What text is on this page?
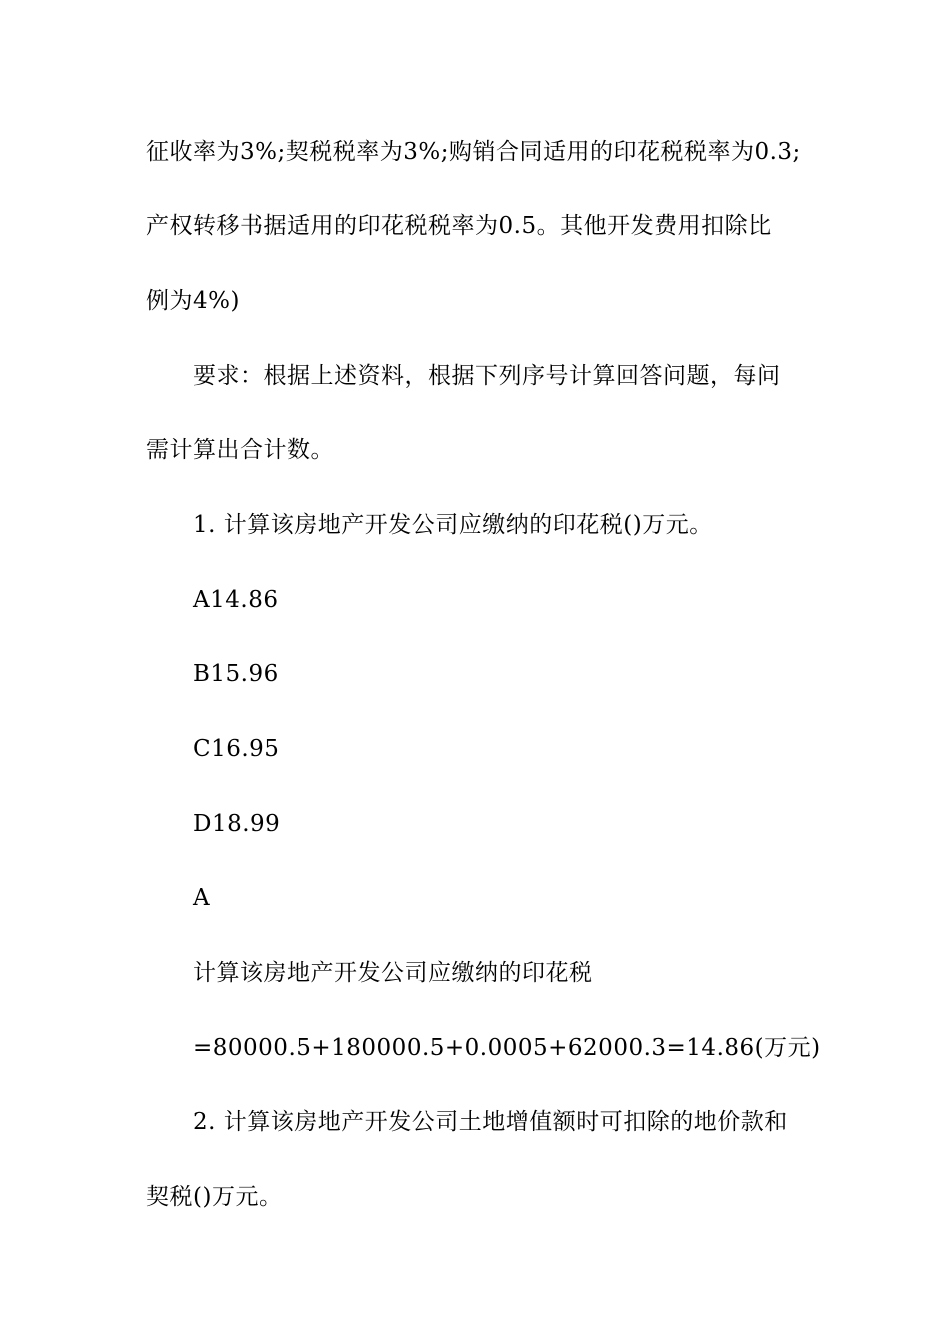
征收率为3%;契税税率为3%;购销合同适用的印花税税率为0.3;
产权转移书据适用的印花税税率为0.5。其他开发费用扣除比
例为4%)
要求：根据上述资料，根据下列序号计算回答问题，每问
需计算出合计数。
1. 计算该房地产开发公司应缴纳的印花税()万元。
A14.86
B15.96
C16.95
D18.99
A
计算该房地产开发公司应缴纳的印花税
=80000.5+180000.5+0.0005+62000.3=14.86(万元)
2. 计算该房地产开发公司土地增值额时可扣除的地价款和
契税()万元。
